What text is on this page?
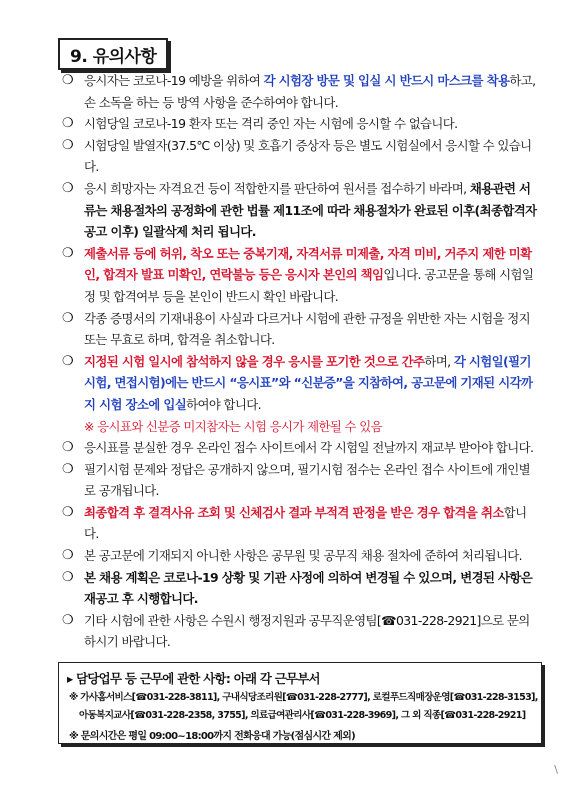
9. 유의사항
❍ 응시자는 코로나-19 예방을 위하여 각 시험장 방문 및 입실 시 반드시 마스크를 착용하고, 손 소독을 하는 등 방역 사항을 준수하여야 합니다.
❍ 시험당일 코로나-19 환자 또는 격리 중인 자는 시험에 응시할 수 없습니다.
❍ 시험당일 발열자(37.5℃ 이상) 및 호흡기 증상자 등은 별도 시험실에서 응시할 수 있습니다.
❍ 응시 희망자는 자격요건 등이 적합한지를 판단하여 원서를 접수하기 바라며, 채용관련 서류는 채용절차의 공정화에 관한 법률 제11조에 따라 채용절차가 완료된 이후(최종합격자 공고 이후) 일괄삭제 처리 됩니다.
❍ 제출서류 등에 허위, 착오 또는 중복기재, 자격서류 미제출, 자격 미비, 거주지 제한 미확인, 합격자 발표 미확인, 연락불능 등은 응시자 본인의 책임입니다. 공고문을 통해 시험일정 및 합격여부 등을 본인이 반드시 확인 바랍니다.
❍ 각종 증명서의 기재내용이 사실과 다르거나 시험에 관한 규정을 위반한 자는 시험을 정지 또는 무효로 하며, 합격을 취소합니다.
❍ 지정된 시험 일시에 참석하지 않을 경우 응시를 포기한 것으로 간주하며, 각 시험일(필기시험, 면접시험)에는 반드시 “응시표”와 “신분증”을 지참하여, 공고문에 기재된 시각까지 시험 장소에 입실하여야 합니다.
※ 응시표와 신분증 미지참자는 시험 응시가 제한될 수 있음
❍ 응시표를 분실한 경우 온라인 접수 사이트에서 각 시험일 전날까지 재교부 받아야 합니다.
❍ 필기시험 문제와 정답은 공개하지 않으며, 필기시험 점수는 온라인 접수 사이트에 개인별로 공개됩니다.
❍ 최종합격 후 결격사유 조회 및 신체검사 결과 부적격 판정을 받은 경우 합격을 취소합니다.
❍ 본 공고문에 기재되지 아니한 사항은 공무원 및 공무직 채용 절차에 준하여 처리됩니다.
❍ 본 채용 계획은 코로나-19 상황 및 기관 사정에 의하여 변경될 수 있으며, 변경된 사항은 재공고 후 시행합니다.
❍ 기타 시험에 관한 사항은 수원시 행정지원과 공무직운영팀[☎031-228-2921]으로 문의하시기 바랍니다.
▸ 담당업무 등 근무에 관한 사항: 아래 각 근무부서
※ 가사홈서비스[☎031-228-3811], 구내식당조리원[☎031-228-2777], 로컬푸드직매장운영[☎031-228-3153],
아동복지교사[☎031-228-2358, 3755], 의료급여관리사[☎031-228-3969], 그 외 직종[☎031-228-2921]
※ 문의시간은 평일 09:00~18:00까지 전화응대 가능(점심시간 제외)
\
